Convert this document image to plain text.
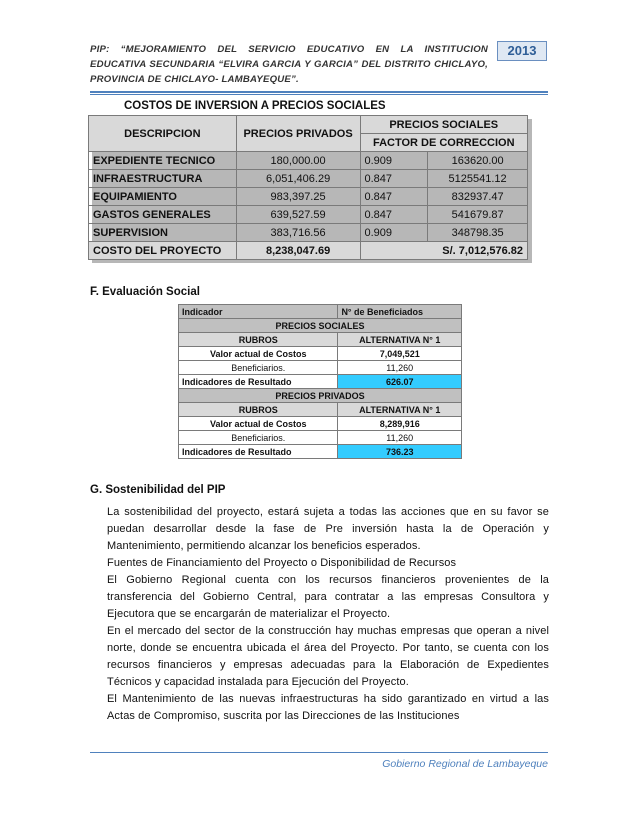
PIP: “MEJORAMIENTO DEL SERVICIO EDUCATIVO EN LA INSTITUCION EDUCATIVA SECUNDARIA “ELVIRA GARCIA Y GARCIA” DEL DISTRITO CHICLAYO, PROVINCIA DE CHICLAYO- LAMBAYEQUE”.
2013
COSTOS DE INVERSION A PRECIOS SOCIALES
DESCRIPCION	PRECIOS PRIVADOS	PRECIOS SOCIALES	
		FACTOR DE CORRECCION	
EXPEDIENTE TECNICO	180,000.00	0.909	163620.00
INFRAESTRUCTURA	6,051,406.29	0.847	5125541.12
EQUIPAMIENTO	983,397.25	0.847	832937.47
GASTOS GENERALES	639,527.59	0.847	541679.87
SUPERVISION	383,716.56	0.909	348798.35
COSTO DEL PROYECTO	8,238,047.69	S/. 7,012,576.82	
F. Evaluación Social
Indicador	N° de Beneficiados
PRECIOS SOCIALES	
RUBROS	ALTERNATIVA N° 1
Valor actual de Costos	7,049,521
Beneficiarios.	11,260
Indicadores de Resultado	626.07
PRECIOS PRIVADOS	
RUBROS	ALTERNATIVA N° 1
Valor actual de Costos	8,289,916
Beneficiarios.	11,260
Indicadores de Resultado	736.23
G. Sostenibilidad del PIP
La sostenibilidad del proyecto, estará sujeta a todas las acciones que en su favor se puedan desarrollar desde la fase de Pre inversión hasta la de Operación y Mantenimiento, permitiendo alcanzar los beneficios esperados.
Fuentes de Financiamiento del Proyecto o Disponibilidad de Recursos
El Gobierno Regional cuenta con los recursos financieros provenientes de la transferencia del Gobierno Central, para contratar a las empresas Consultora y Ejecutora que se encargarán de materializar el Proyecto.
En el mercado del sector de la construcción hay muchas empresas que operan a nivel norte, donde se encuentra ubicada el área del Proyecto. Por tanto, se cuenta con los recursos financieros y empresas adecuadas para la Elaboración de Expedientes Técnicos y capacidad instalada para Ejecución del Proyecto.
El Mantenimiento de las nuevas infraestructuras ha sido garantizado en virtud a las Actas de Compromiso, suscrita por las Direcciones de las Instituciones
Gobierno Regional de Lambayeque
